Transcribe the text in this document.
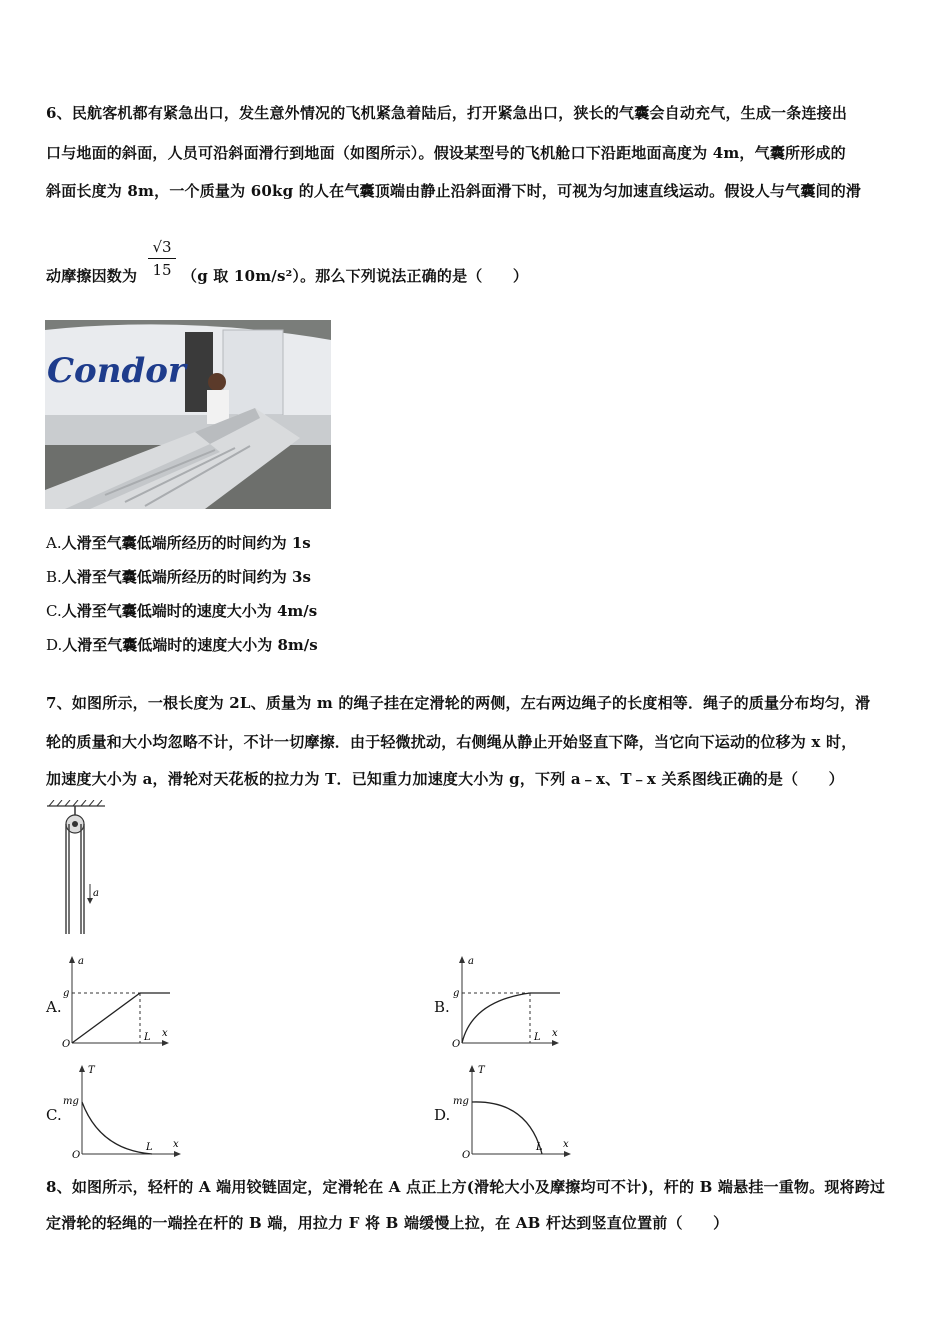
6、民航客机都有紧急出口，发生意外情况的飞机紧急着陆后，打开紧急出口，狭长的气囊会自动充气，生成一条连接出
口与地面的斜面，人员可沿斜面滑行到地面（如图所示）。假设某型号的飞机舱口下沿距地面高度为 4m，气囊所形成的
斜面长度为 8m，一个质量为 60kg 的人在气囊顶端由静止沿斜面滑下时，可视为匀加速直线运动。假设人与气囊间的滑
动摩擦因数为 $\frac{√3}{15} (g$ 取 10m/s²）。那么下列说法正确的是（　　）
Condor
A.人滑至气囊低端所经历的时间约为 1s
B.人滑至气囊低端所经历的时间约为 3s
C.人滑至气囊低端时的速度大小为 4m/s
D.人滑至气囊低端时的速度大小为 8m/s
7、如图所示，一根长度为 2L、质量为 m 的绳子挂在定滑轮的两侧，左右两边绳子的长度相等．绳子的质量分布均匀，滑
轮的质量和大小均忽略不计，不计一切摩擦．由于轻微扰动，右侧绳从静止开始竖直下降，当它向下运动的位移为 x 时，
加速度大小为 a，滑轮对天花板的拉力为 T．已知重力加速度大小为 g，下列 a﹣x、T﹣x 关系图线正确的是（　　）
a
A.
a
x
O
g
L
B.
a
x
O
g
L
C.
T
x
O
mg
L
D.
T
x
O
mg
L
8、如图所示，轻杆的 A 端用铰链固定，定滑轮在 A 点正上方(滑轮大小及摩擦均可不计)，杆的 B 端悬挂一重物。现将跨过
定滑轮的轻绳的一端拴在杆的 B 端，用拉力 F 将 B 端缓慢上拉，在 AB 杆达到竖直位置前（　　）
